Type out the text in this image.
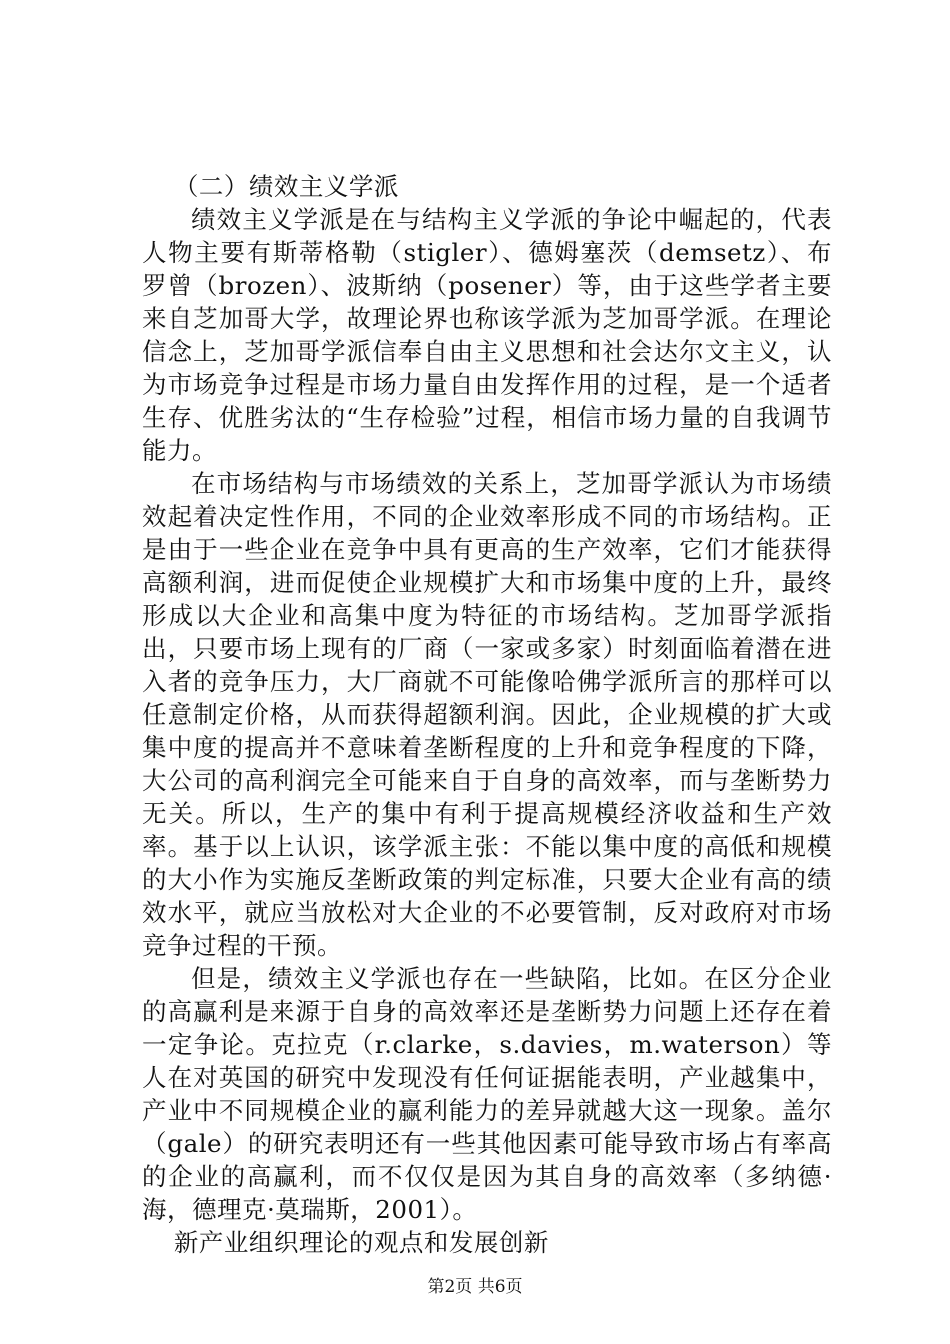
（二）绩效主义学派

绩效主义学派是在与结构主义学派的争论中崛起的，代表人物主要有斯蒂格勒（stigler）、德姆塞茨（demsetz）、布罗曾（brozen）、波斯纳（posener）等，由于这些学者主要来自芝加哥大学，故理论界也称该学派为芝加哥学派。在理论信念上，芝加哥学派信奉自由主义思想和社会达尔文主义，认为市场竞争过程是市场力量自由发挥作用的过程，是一个适者生存、优胜劣汰的“生存检验”过程，相信市场力量的自我调节能力。

在市场结构与市场绩效的关系上，芝加哥学派认为市场绩效起着决定性作用，不同的企业效率形成不同的市场结构。正是由于一些企业在竞争中具有更高的生产效率，它们才能获得高额利润，进而促使企业规模扩大和市场集中度的上升，最终形成以大企业和高集中度为特征的市场结构。芝加哥学派指出，只要市场上现有的厂商（一家或多家）时刻面临着潜在进入者的竞争压力，大厂商就不可能像哈佛学派所言的那样可以任意制定价格，从而获得超额利润。因此，企业规模的扩大或集中度的提高并不意味着垄断程度的上升和竞争程度的下降，大公司的高利润完全可能来自于自身的高效率，而与垄断势力无关。所以，生产的集中有利于提高规模经济收益和生产效率。基于以上认识，该学派主张：不能以集中度的高低和规模的大小作为实施反垄断政策的判定标准，只要大企业有高的绩效水平，就应当放松对大企业的不必要管制，反对政府对市场竞争过程的干预。

但是，绩效主义学派也存在一些缺陷，比如。在区分企业的高赢利是来源于自身的高效率还是垄断势力问题上还存在着一定争论。克拉克（r.clarke，s.davies，m.waterson）等人在对英国的研究中发现没有任何证据能表明，产业越集中，产业中不同规模企业的赢利能力的差异就越大这一现象。盖尔（gale）的研究表明还有一些其他因素可能导致市场占有率高的企业的高赢利，而不仅仅是因为其自身的高效率（多纳德·海，德理克·莫瑞斯，2001）。

新产业组织理论的观点和发展创新

第2页 共6页
